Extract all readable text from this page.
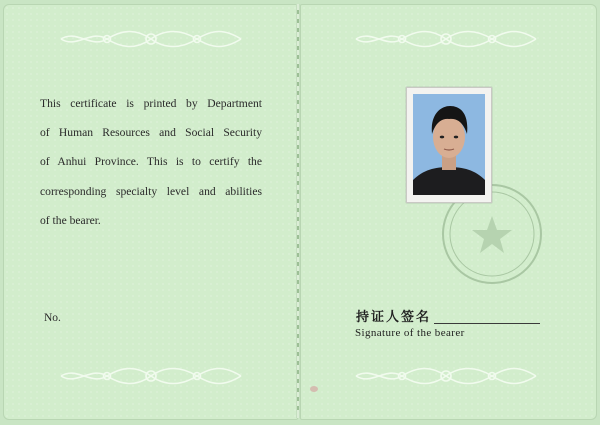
This certificate is printed by Department
of Human Resources and Social Security
of Anhui Province. This is to certify the
corresponding specialty level and abilities
of the bearer.
No.	持证人签名
Signature of the bearer
